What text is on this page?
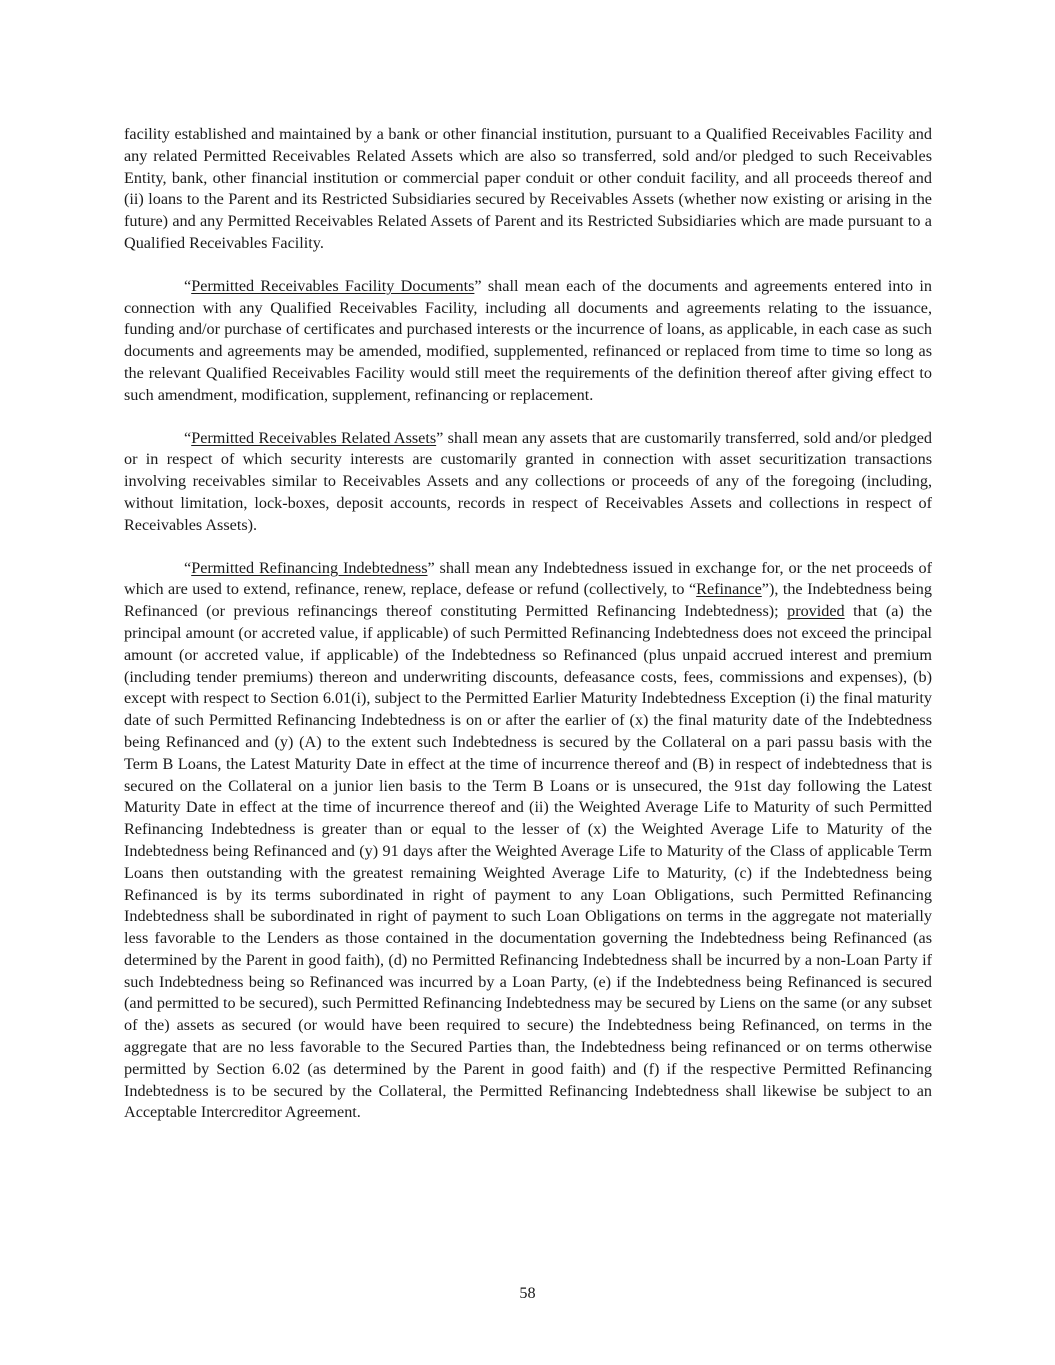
facility established and maintained by a bank or other financial institution, pursuant to a Qualified Receivables Facility and any related Permitted Receivables Related Assets which are also so transferred, sold and/or pledged to such Receivables Entity, bank, other financial institution or commercial paper conduit or other conduit facility, and all proceeds thereof and (ii) loans to the Parent and its Restricted Subsidiaries secured by Receivables Assets (whether now existing or arising in the future) and any Permitted Receivables Related Assets of Parent and its Restricted Subsidiaries which are made pursuant to a Qualified Receivables Facility.

“Permitted Receivables Facility Documents” shall mean each of the documents and agreements entered into in connection with any Qualified Receivables Facility, including all documents and agreements relating to the issuance, funding and/or purchase of certificates and purchased interests or the incurrence of loans, as applicable, in each case as such documents and agreements may be amended, modified, supplemented, refinanced or replaced from time to time so long as the relevant Qualified Receivables Facility would still meet the requirements of the definition thereof after giving effect to such amendment, modification, supplement, refinancing or replacement.

“Permitted Receivables Related Assets” shall mean any assets that are customarily transferred, sold and/or pledged or in respect of which security interests are customarily granted in connection with asset securitization transactions involving receivables similar to Receivables Assets and any collections or proceeds of any of the foregoing (including, without limitation, lock-boxes, deposit accounts, records in respect of Receivables Assets and collections in respect of Receivables Assets).

“Permitted Refinancing Indebtedness” shall mean any Indebtedness issued in exchange for, or the net proceeds of which are used to extend, refinance, renew, replace, defease or refund (collectively, to “Refinance”), the Indebtedness being Refinanced (or previous refinancings thereof constituting Permitted Refinancing Indebtedness); provided that (a) the principal amount (or accreted value, if applicable) of such Permitted Refinancing Indebtedness does not exceed the principal amount (or accreted value, if applicable) of the Indebtedness so Refinanced (plus unpaid accrued interest and premium (including tender premiums) thereon and underwriting discounts, defeasance costs, fees, commissions and expenses), (b) except with respect to Section 6.01(i), subject to the Permitted Earlier Maturity Indebtedness Exception (i) the final maturity date of such Permitted Refinancing Indebtedness is on or after the earlier of (x) the final maturity date of the Indebtedness being Refinanced and (y) (A) to the extent such Indebtedness is secured by the Collateral on a pari passu basis with the Term B Loans, the Latest Maturity Date in effect at the time of incurrence thereof and (B) in respect of indebtedness that is secured on the Collateral on a junior lien basis to the Term B Loans or is unsecured, the 91st day following the Latest Maturity Date in effect at the time of incurrence thereof and (ii) the Weighted Average Life to Maturity of such Permitted Refinancing Indebtedness is greater than or equal to the lesser of (x) the Weighted Average Life to Maturity of the Indebtedness being Refinanced and (y) 91 days after the Weighted Average Life to Maturity of the Class of applicable Term Loans then outstanding with the greatest remaining Weighted Average Life to Maturity, (c) if the Indebtedness being Refinanced is by its terms subordinated in right of payment to any Loan Obligations, such Permitted Refinancing Indebtedness shall be subordinated in right of payment to such Loan Obligations on terms in the aggregate not materially less favorable to the Lenders as those contained in the documentation governing the Indebtedness being Refinanced (as determined by the Parent in good faith), (d) no Permitted Refinancing Indebtedness shall be incurred by a non-Loan Party if such Indebtedness being so Refinanced was incurred by a Loan Party, (e) if the Indebtedness being Refinanced is secured (and permitted to be secured), such Permitted Refinancing Indebtedness may be secured by Liens on the same (or any subset of the) assets as secured (or would have been required to secure) the Indebtedness being Refinanced, on terms in the aggregate that are no less favorable to the Secured Parties than, the Indebtedness being refinanced or on terms otherwise permitted by Section 6.02 (as determined by the Parent in good faith) and (f) if the respective Permitted Refinancing Indebtedness is to be secured by the Collateral, the Permitted Refinancing Indebtedness shall likewise be subject to an Acceptable Intercreditor Agreement.

58
